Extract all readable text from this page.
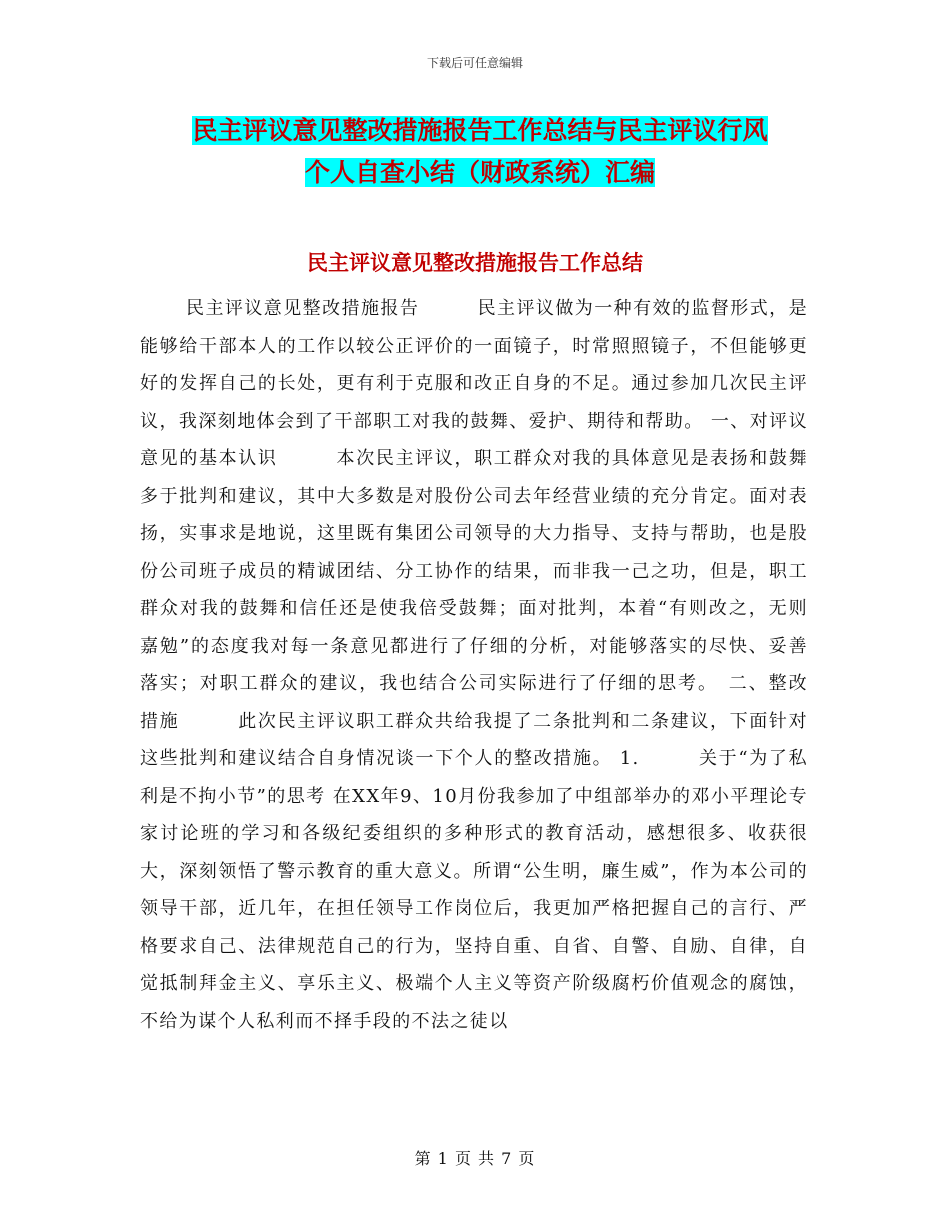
下载后可任意编辑
民主评议意见整改措施报告工作总结与民主评议行风
个人自查小结（财政系统）汇编
民主评议意见整改措施报告工作总结

民主评议意见整改措施报告　　　民主评议做为一种有效的监督形式，是能够给干部本人的工作以较公正评价的一面镜子，时常照照镜子，不但能够更好的发挥自己的长处，更有利于克服和改正自身的不足。通过参加几次民主评议，我深刻地体会到了干部职工对我的鼓舞、爱护、期待和帮助。 一、对评议意见的基本认识　　　本次民主评议，职工群众对我的具体意见是表扬和鼓舞多于批判和建议，其中大多数是对股份公司去年经营业绩的充分肯定。面对表扬，实事求是地说，这里既有集团公司领导的大力指导、支持与帮助，也是股份公司班子成员的精诚团结、分工协作的结果，而非我一己之功，但是，职工群众对我的鼓舞和信任还是使我倍受鼓舞；面对批判，本着“有则改之，无则嘉勉”的态度我对每一条意见都进行了仔细的分析，对能够落实的尽快、妥善落实；对职工群众的建议，我也结合公司实际进行了仔细的思考。　二、整改措施　　　此次民主评议职工群众共给我提了二条批判和二条建议，下面针对这些批判和建议结合自身情况谈一下个人的整改措施。 1.　　　关于“为了私利是不拘小节”的思考 在XX年9、10月份我参加了中组部举办的邓小平理论专家讨论班的学习和各级纪委组织的多种形式的教育活动，感想很多、收获很大，深刻领悟了警示教育的重大意义。所谓“公生明，廉生威”，作为本公司的领导干部，近几年，在担任领导工作岗位后，我更加严格把握自己的言行、严格要求自己、法律规范自己的行为，坚持自重、自省、自警、自励、自律，自觉抵制拜金主义、享乐主义、极端个人主义等资产阶级腐朽价值观念的腐蚀，不给为谋个人私利而不择手段的不法之徒以

第 1 页 共 7 页
